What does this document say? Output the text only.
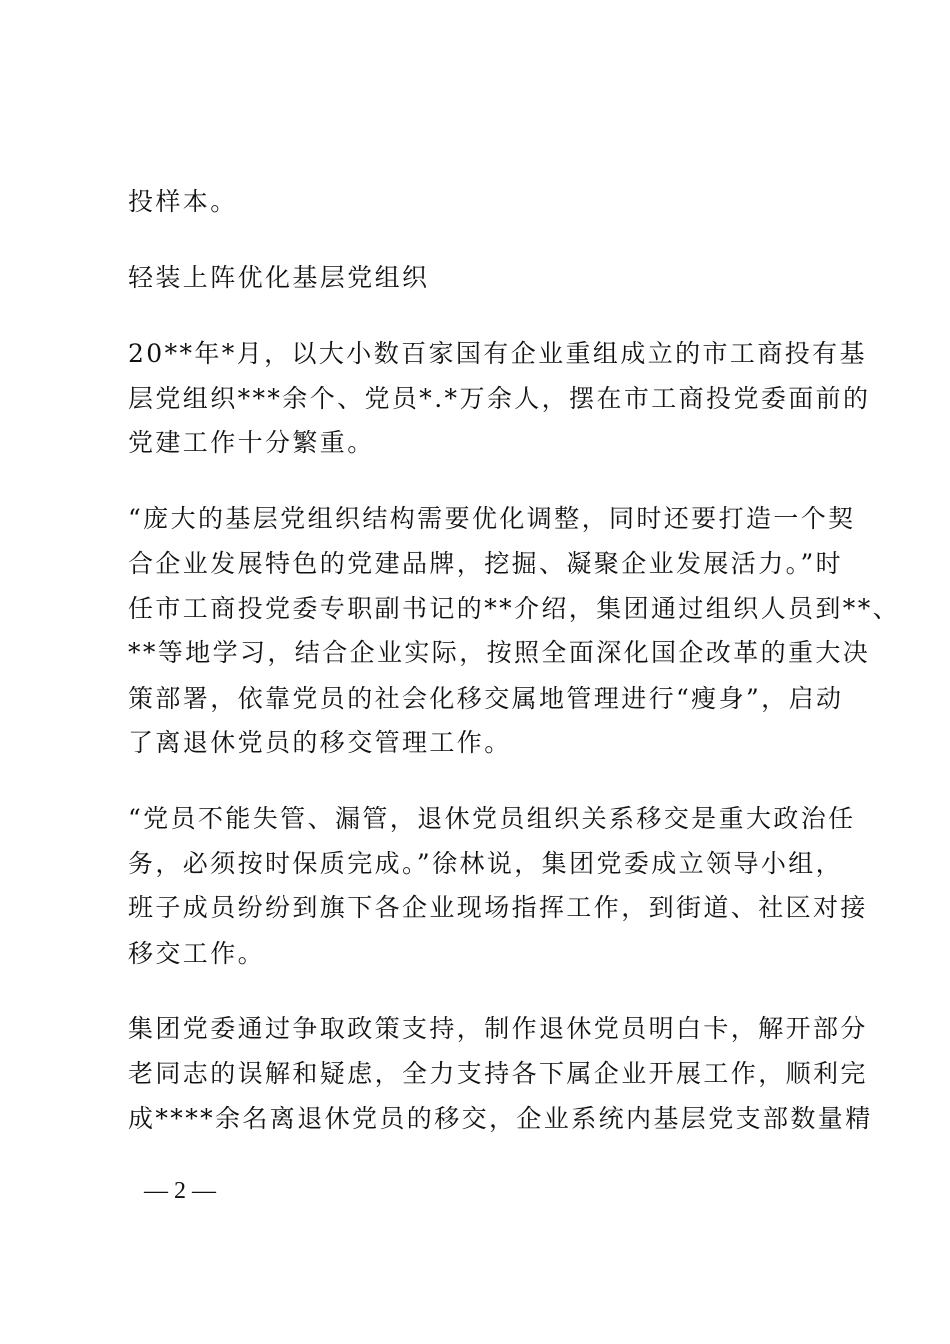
投样本。
轻装上阵优化基层党组织
20**年*月，以大小数百家国有企业重组成立的市工商投有基
层党组织***余个、党员*.*万余人，摆在市工商投党委面前的
党建工作十分繁重。
“庞大的基层党组织结构需要优化调整，同时还要打造一个契
合企业发展特色的党建品牌，挖掘、凝聚企业发展活力。”时
任市工商投党委专职副书记的**介绍，集团通过组织人员到**、
**等地学习，结合企业实际，按照全面深化国企改革的重大决
策部署，依靠党员的社会化移交属地管理进行“瘦身”，启动
了离退休党员的移交管理工作。
“党员不能失管、漏管，退休党员组织关系移交是重大政治任
务，必须按时保质完成。”徐林说，集团党委成立领导小组，
班子成员纷纷到旗下各企业现场指挥工作，到街道、社区对接
移交工作。
集团党委通过争取政策支持，制作退休党员明白卡，解开部分
老同志的误解和疑虑，全力支持各下属企业开展工作，顺利完
成****余名离退休党员的移交，企业系统内基层党支部数量精
— 2 —
